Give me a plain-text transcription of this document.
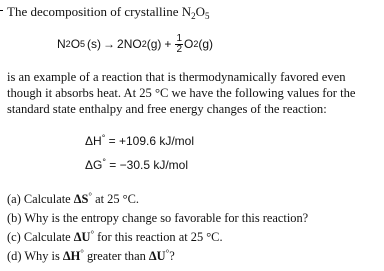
The decomposition of crystalline $N_2O_5$
N 2 O 5 (s) → 2NO 2 $(g) + \frac{1}{2}$ O 2 (g)
is an example of a reaction that is thermodynamically favored even
though it absorbs heat. At 25 °C we have the following values for the
standard state enthalpy and free energy changes of the reaction:
ΔH° = +109.6 kJ/mol
ΔG° = −30.5 kJ/mol
(a) Calculate ΔS° at 25 °C.
(b) Why is the entropy change so favorable for this reaction?
(c) Calculate ΔU° for this reaction at 25 °C.
(d) Why is ΔH° greater than ΔU°?
